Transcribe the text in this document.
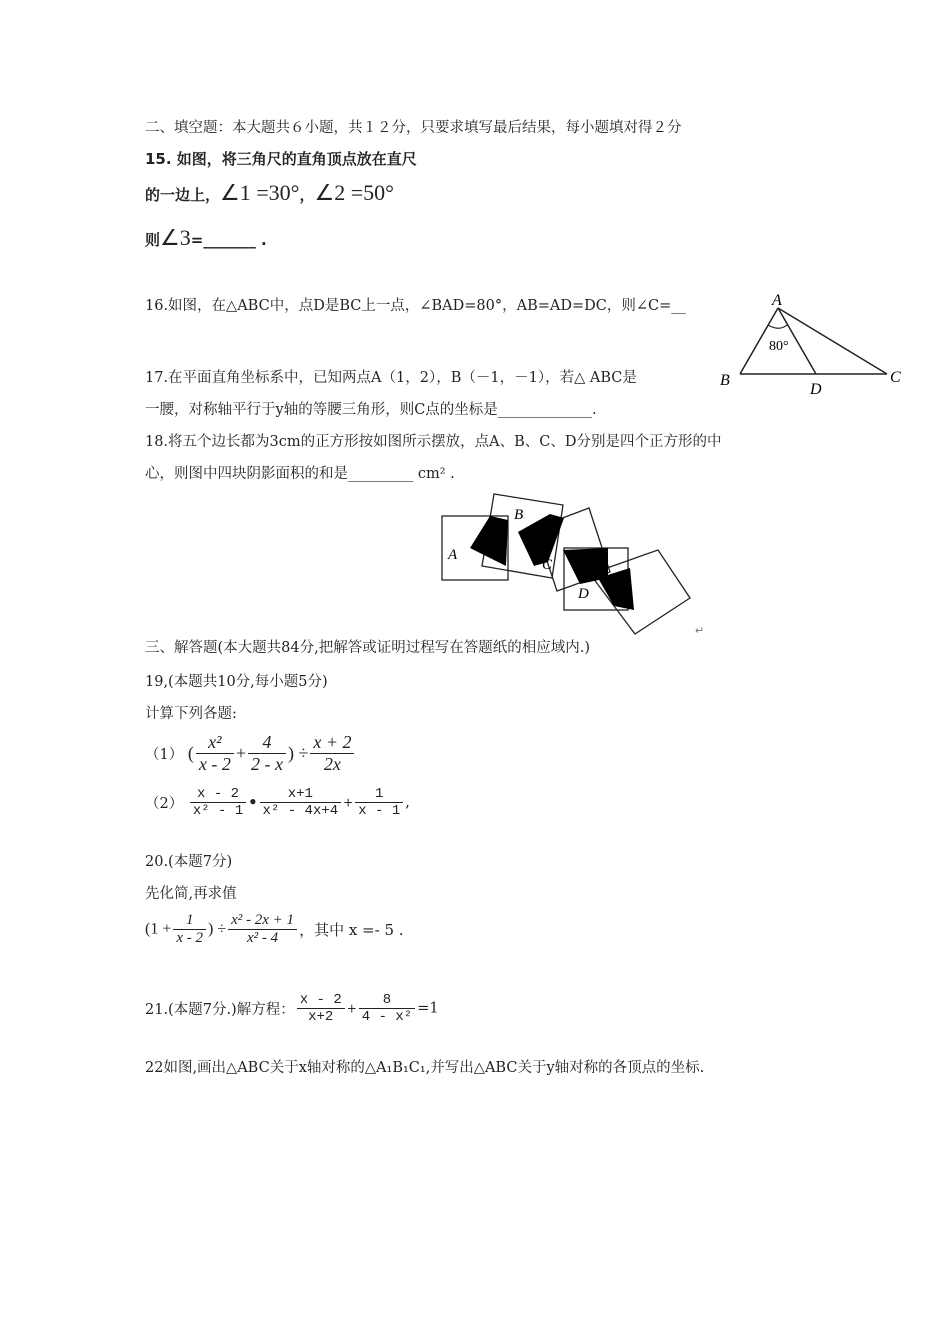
二、填空题：本大题共６小题，共１２分，只要求填写最后结果，每小题填对得２分
15. 如图，将三角尺的直角顶点放在直尺
的一边上，∠1 =30°，∠2 =50°
则∠3=_______ .
16.如图，在△ABC中，点D是BC上一点，∠BAD=80°，AB=AD=DC，则∠C=__	A
B	C
D
80°
17.在平面直角坐标系中，已知两点A（1，2），B（－1，－1），若△ ABC是
一腰，对称轴平行于y轴的等腰三角形，则C点的坐标是_____________.
18.将五个边长都为3cm的正方形按如图所示摆放，点A、B、C、D分别是四个正方形的中
心，则图中四块阴影面积的和是_________ cm² .
A
B
C
D
↵
三、解答题(本大题共84分,把解答或证明过程写在答题纸的相应域内.)
19,(本题共10分,每小题5分)
计算下列各题:
（1） ( $\frac{\text{x²}}{x - 2} + \frac{4}{2 - x}$ ) ÷ $\frac{x + 2}{2x}$
$(2) \frac{x - 2}{\text{x² - 1}}$ • $\frac{x+1}{\text{x² - 4x+4}} + \frac{1}{x - 1}$ ,
20.(本题7分)
先化简,再求值
($1 + \frac{1}{x - 2}$ ) ÷ $\frac{\text{x² - 2x + 1}}{\text{x² - 4}}$ ，其中 x =- 5 .
21.(本题7分.)解方程： $\frac{x - 2}{x+2} + \frac{8}{\text{4 - x²}} =1$
22如图,画出△ABC关于x轴对称的△A₁B₁C₁,并写出△ABC关于y轴对称的各顶点的坐标.
